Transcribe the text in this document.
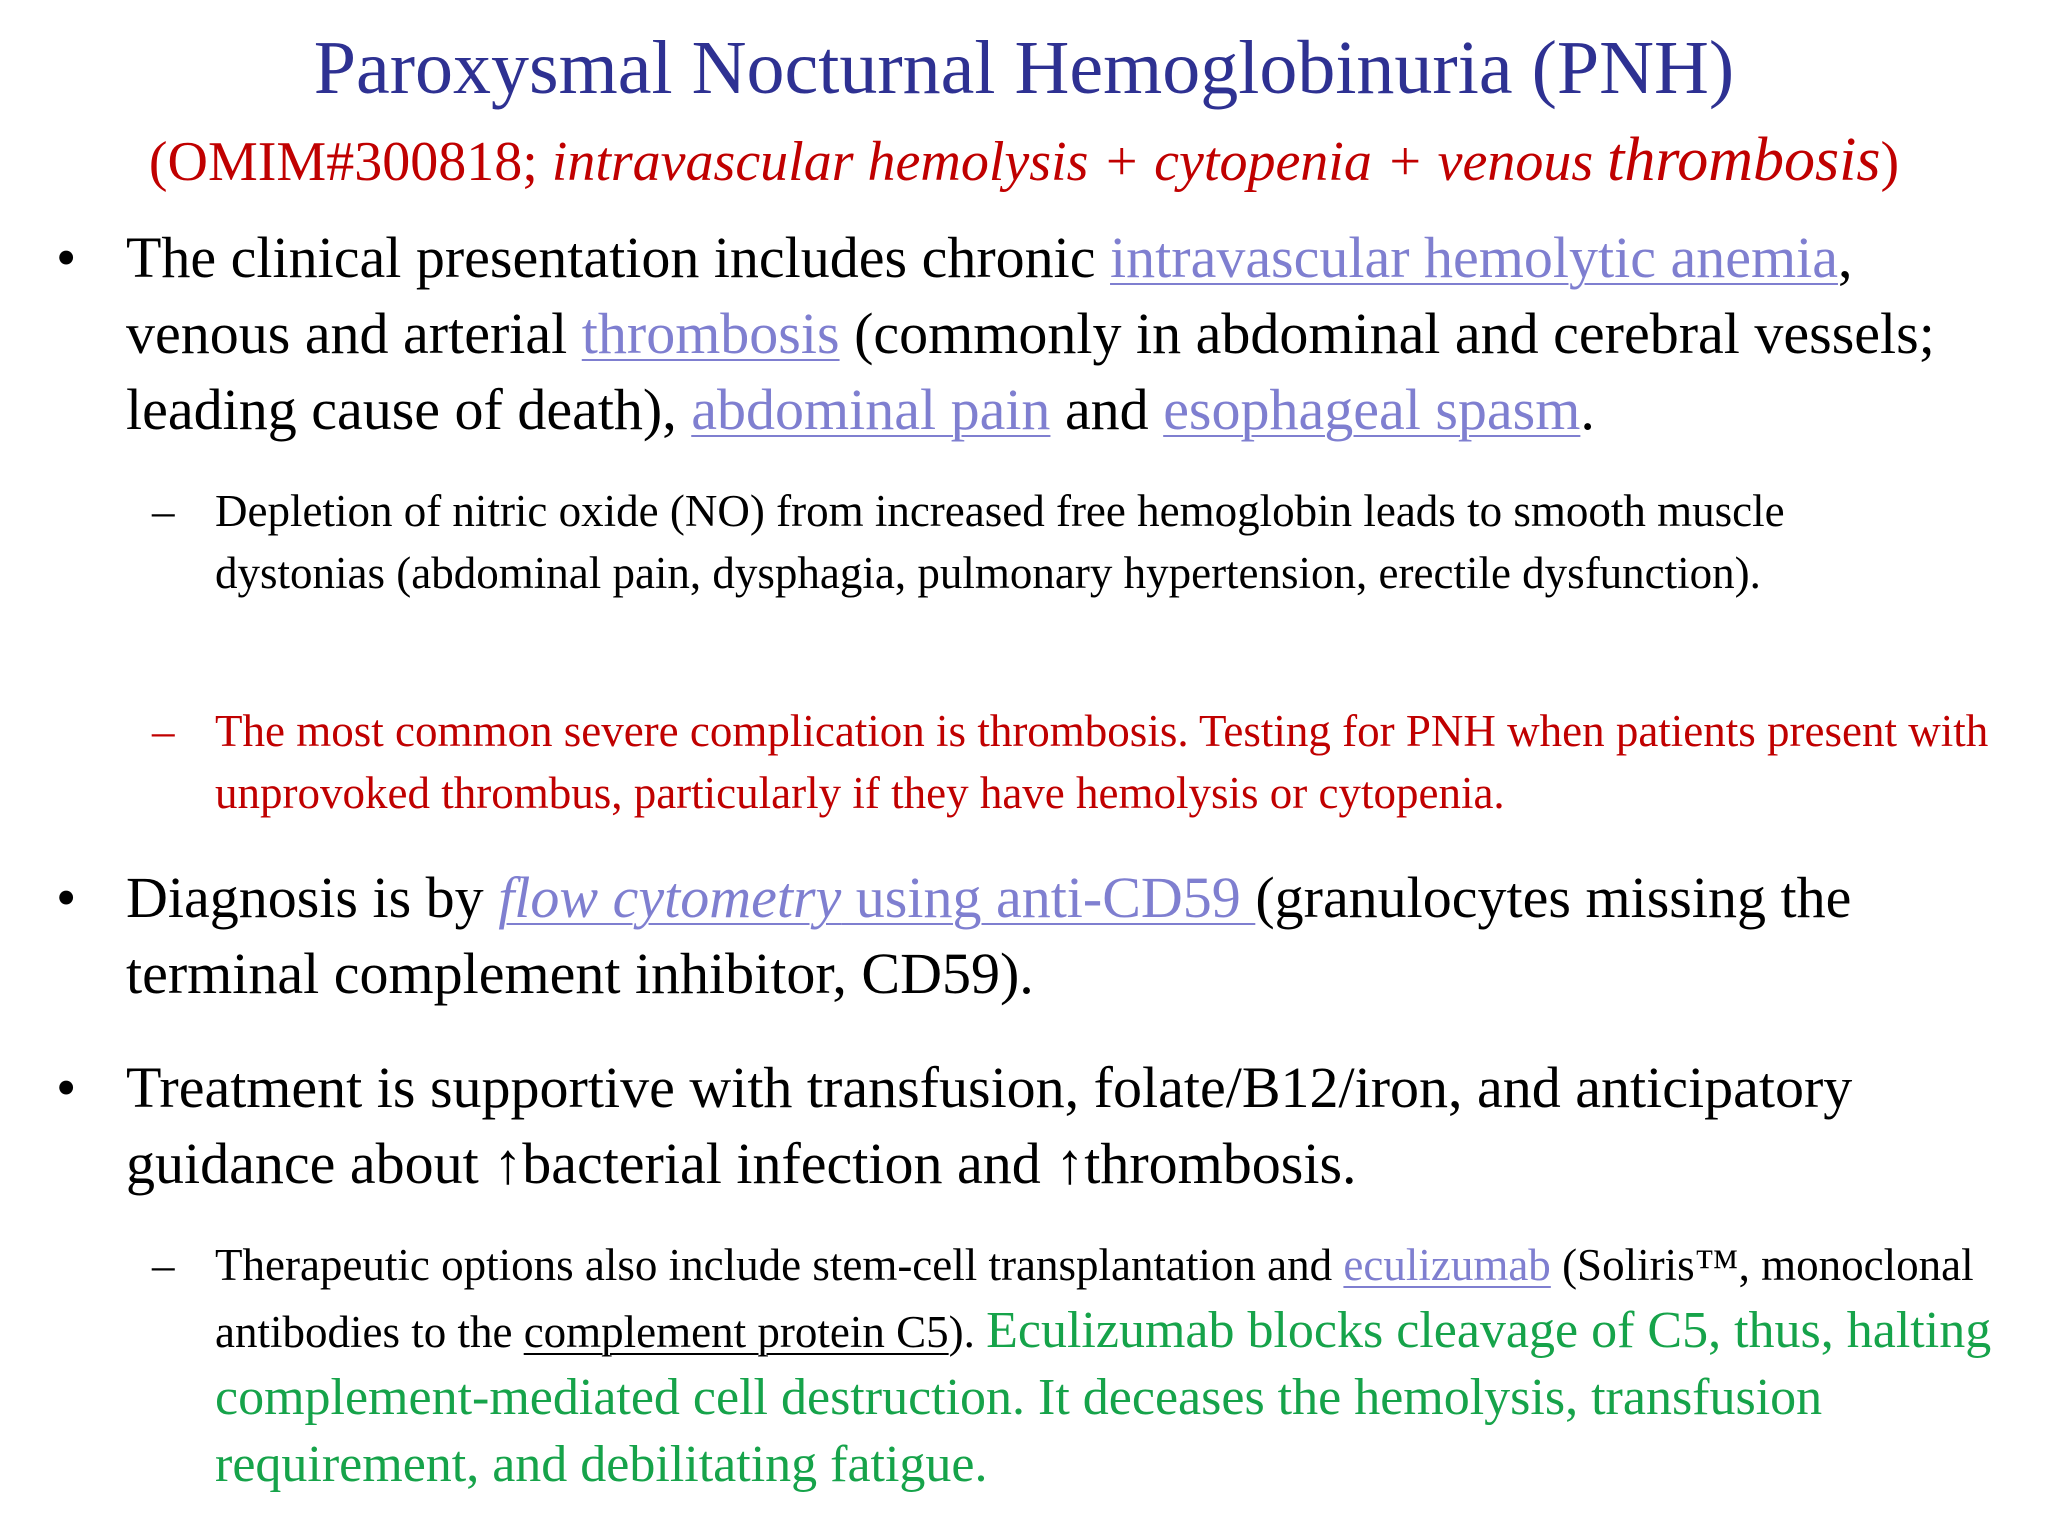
Paroxysmal Nocturnal Hemoglobinuria (PNH)

(OMIM#300818; intravascular hemolysis + cytopenia + venous thrombosis)

• The clinical presentation includes chronic intravascular hemolytic anemia, venous and arterial thrombosis (commonly in abdominal and cerebral vessels; leading cause of death), abdominal pain and esophageal spasm.

– Depletion of nitric oxide (NO) from increased free hemoglobin leads to smooth muscle dystonias (abdominal pain, dysphagia, pulmonary hypertension, erectile dysfunction).

– The most common severe complication is thrombosis. Testing for PNH when patients present with unprovoked thrombus, particularly if they have hemolysis or cytopenia.

• Diagnosis is by flow cytometry using anti-CD59 (granulocytes missing the terminal complement inhibitor, CD59).

• Treatment is supportive with transfusion, folate/B12/iron, and anticipatory guidance about ↑bacterial infection and ↑thrombosis.

– Therapeutic options also include stem-cell transplantation and eculizumab (Soliris™, monoclonal antibodies to the complement protein C5). Eculizumab blocks cleavage of C5, thus, halting complement-mediated cell destruction. It deceases the hemolysis, transfusion requirement, and debilitating fatigue.
